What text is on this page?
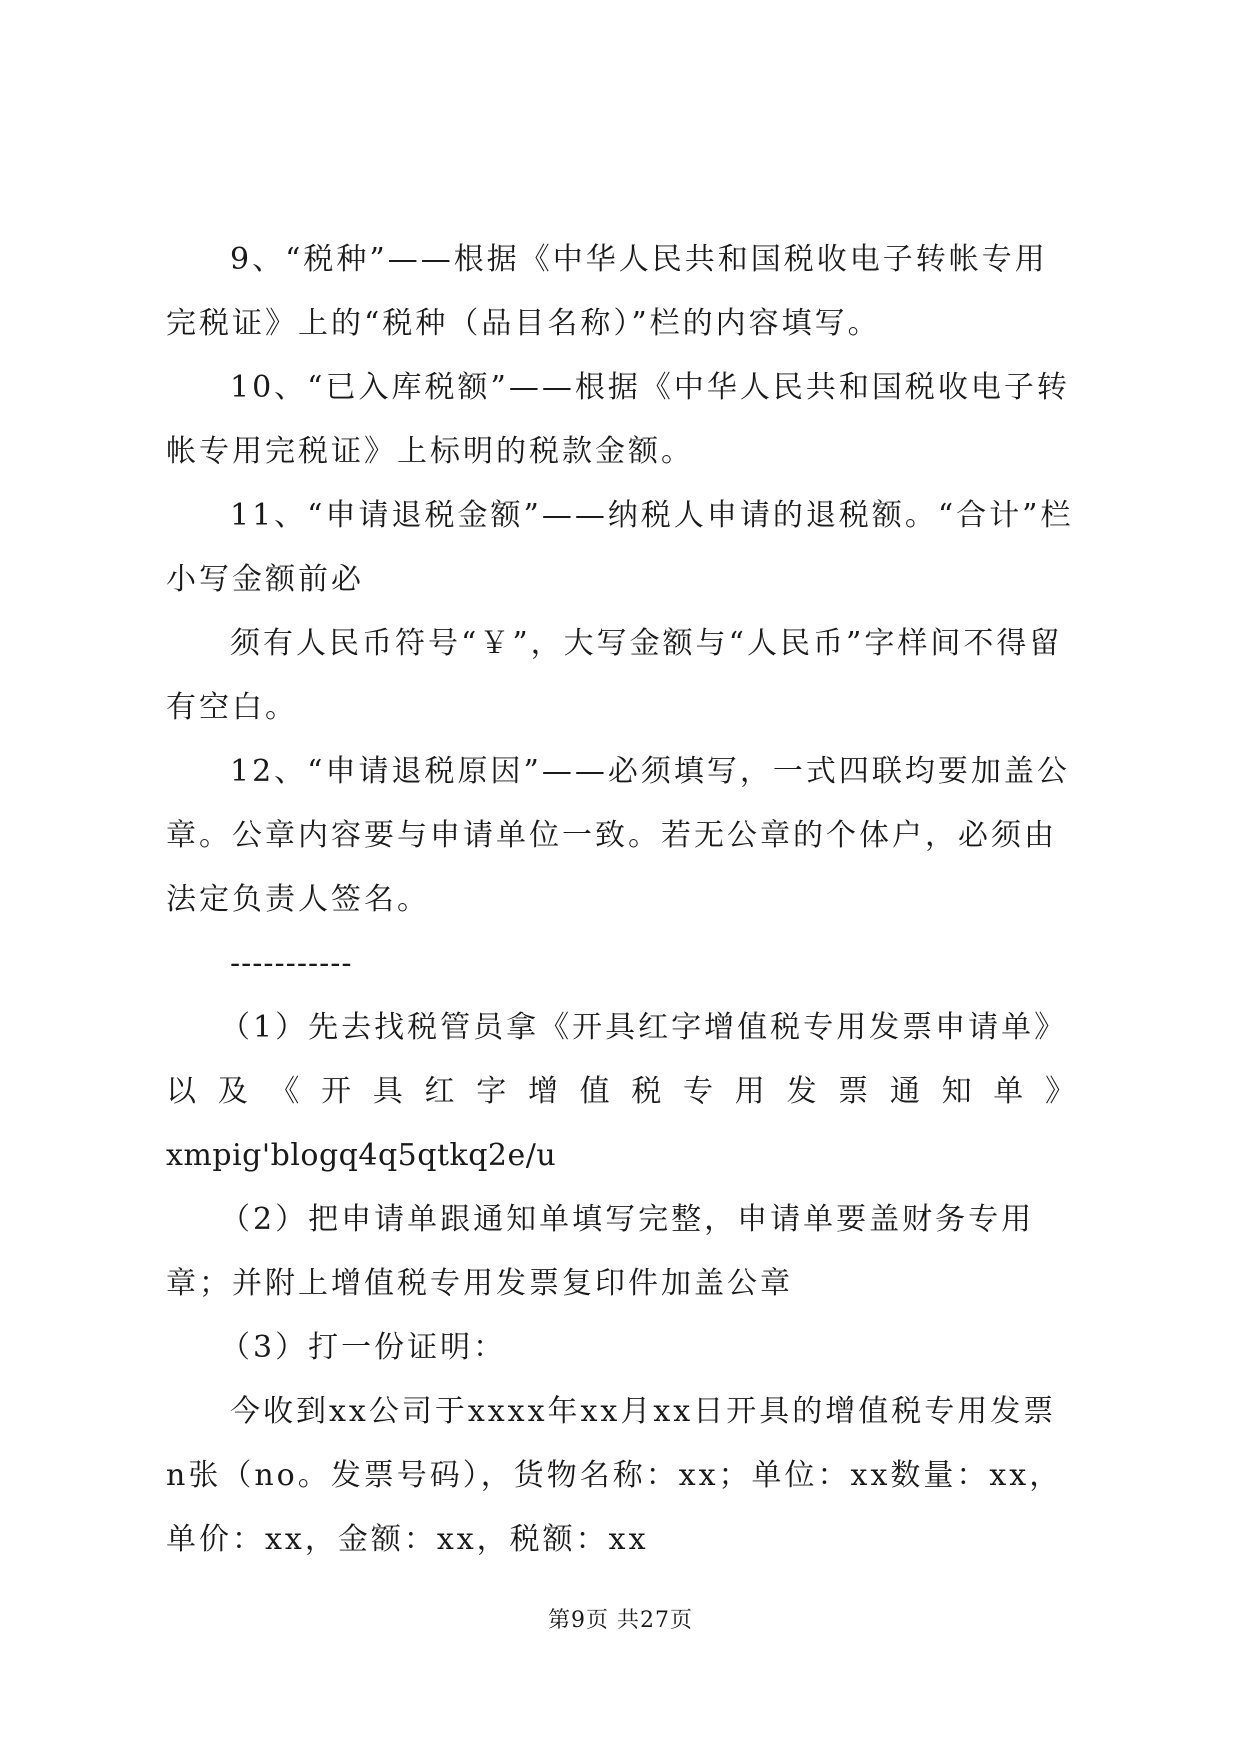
9、“税种”——根据《中华人民共和国税收电子转帐专用完税证》上的“税种（品目名称）”栏的内容填写。

10、“已入库税额”——根据《中华人民共和国税收电子转帐专用完税证》上标明的税款金额。

11、“申请退税金额”——纳税人申请的退税额。“合计”栏小写金额前必

须有人民币符号“￥”，大写金额与“人民币”字样间不得留有空白。

12、“申请退税原因”——必须填写，一式四联均要加盖公章。公章内容要与申请单位一致。若无公章的个体户，必须由法定负责人签名。

-----------

（1）先去找税管员拿《开具红字增值税专用发票申请单》

以及《开具红字增值税专用发票通知单》

xmpig'blogq4q5qtkq2e/u

（2）把申请单跟通知单填写完整，申请单要盖财务专用章；并附上增值税专用发票复印件加盖公章

（3）打一份证明：

今收到xx公司于xxxx年xx月xx日开具的增值税专用发票n张（no。发票号码），货物名称：xx；单位：xx数量：xx，单价：xx，金额：xx，税额：xx

第9页 共27页
